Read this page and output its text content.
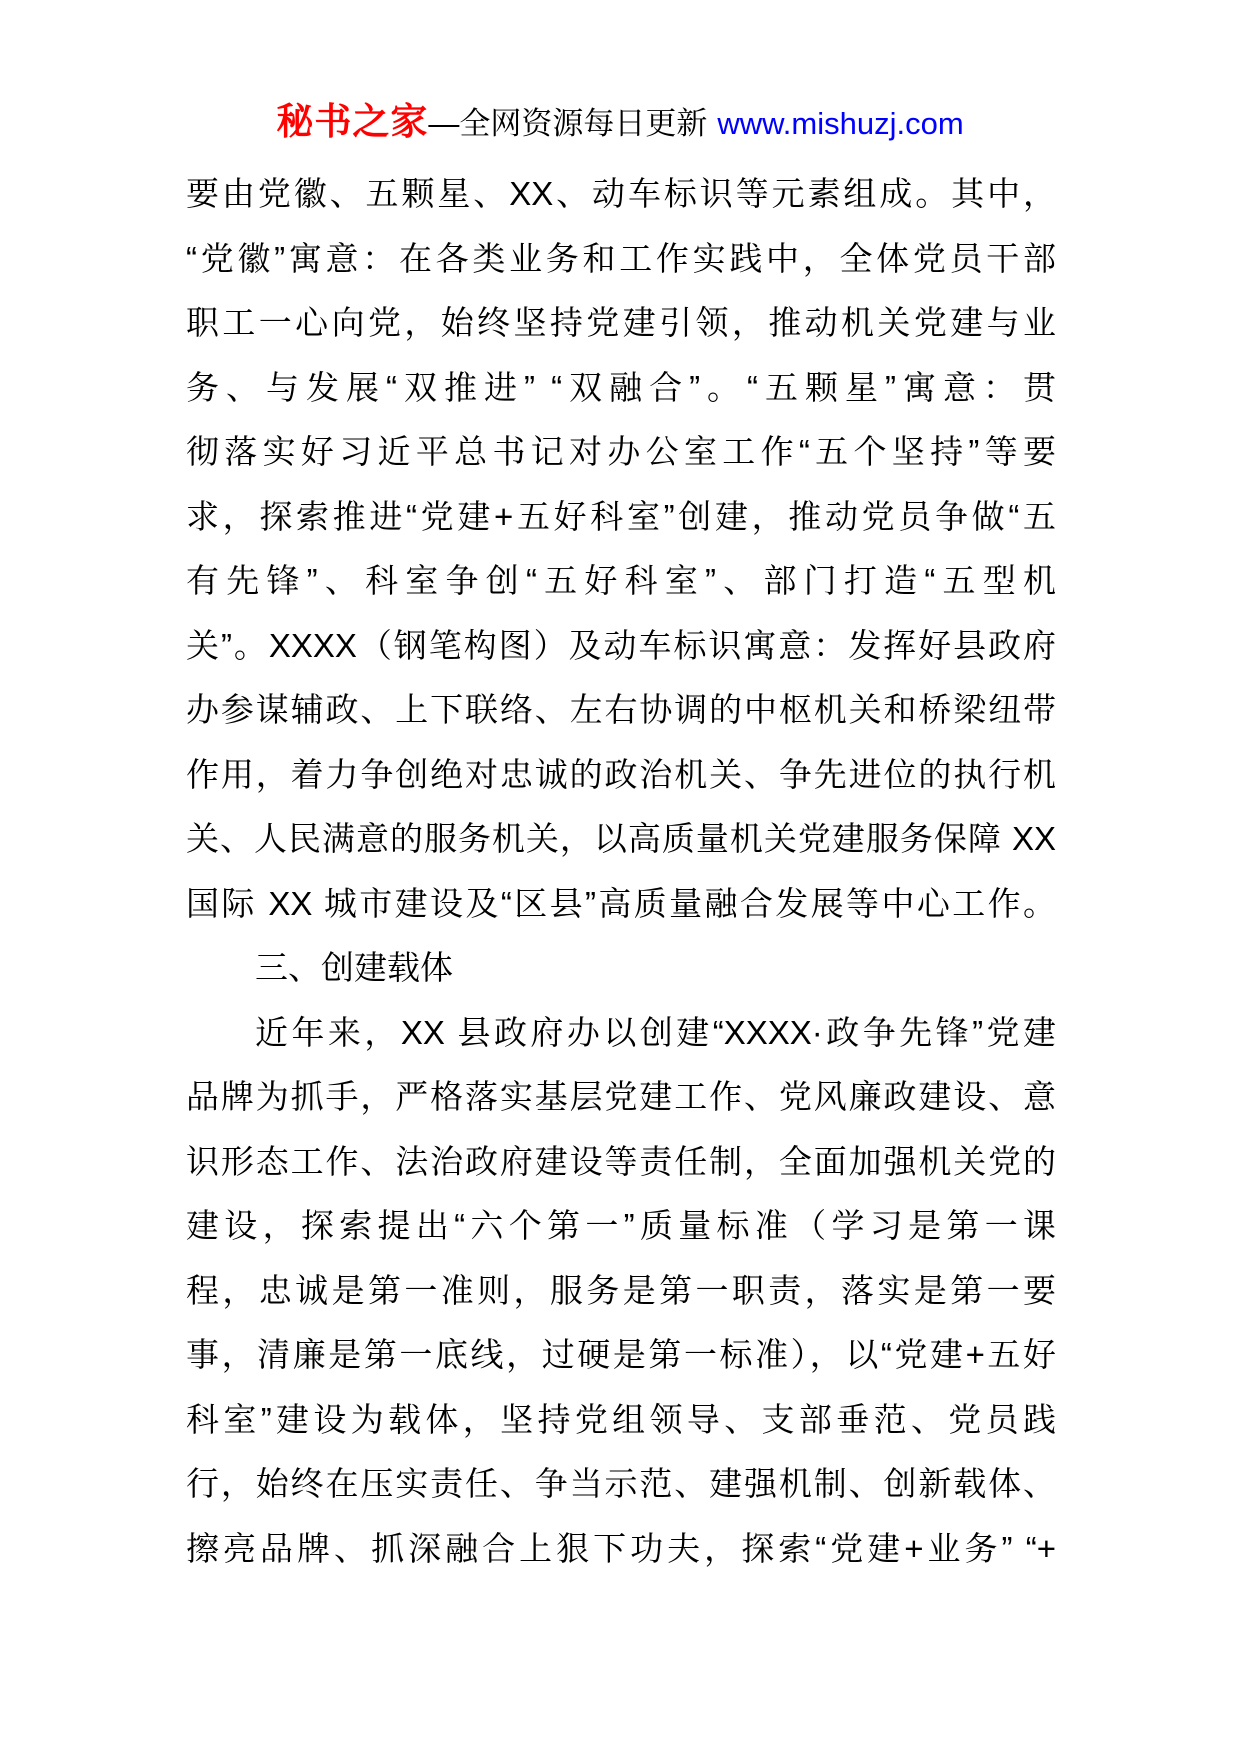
秘书之家—全网资源每日更新 www.mishuzj.com
要由党徽、五颗星、XX、动车标识等元素组成。其中，
“党徽”寓意：在各类业务和工作实践中，全体党员干部
职工一心向党，始终坚持党建引领，推动机关党建与业
务、与发展“双推进” “双融合”。“五颗星”寓意：贯
彻落实好习近平总书记对办公室工作“五个坚持”等要
求，探索推进“党建+五好科室”创建，推动党员争做“五
有先锋”、科室争创“五好科室”、部门打造“五型机
关”。XXXX（钢笔构图）及动车标识寓意：发挥好县政府
办参谋辅政、上下联络、左右协调的中枢机关和桥梁纽带
作用，着力争创绝对忠诚的政治机关、争先进位的执行机
关、人民满意的服务机关，以高质量机关党建服务保障 XX
国际 XX 城市建设及“区县”高质量融合发展等中心工作。
三、创建载体
近年来，XX 县政府办以创建“XXXX·政争先锋”党建
品牌为抓手，严格落实基层党建工作、党风廉政建设、意
识形态工作、法治政府建设等责任制，全面加强机关党的
建设，探索提出“六个第一”质量标准（学习是第一课
程，忠诚是第一准则，服务是第一职责，落实是第一要
事，清廉是第一底线，过硬是第一标准），以“党建+五好
科室”建设为载体，坚持党组领导、支部垂范、党员践
行，始终在压实责任、争当示范、建强机制、创新载体、
擦亮品牌、抓深融合上狠下功夫，探索“党建+业务” “+
